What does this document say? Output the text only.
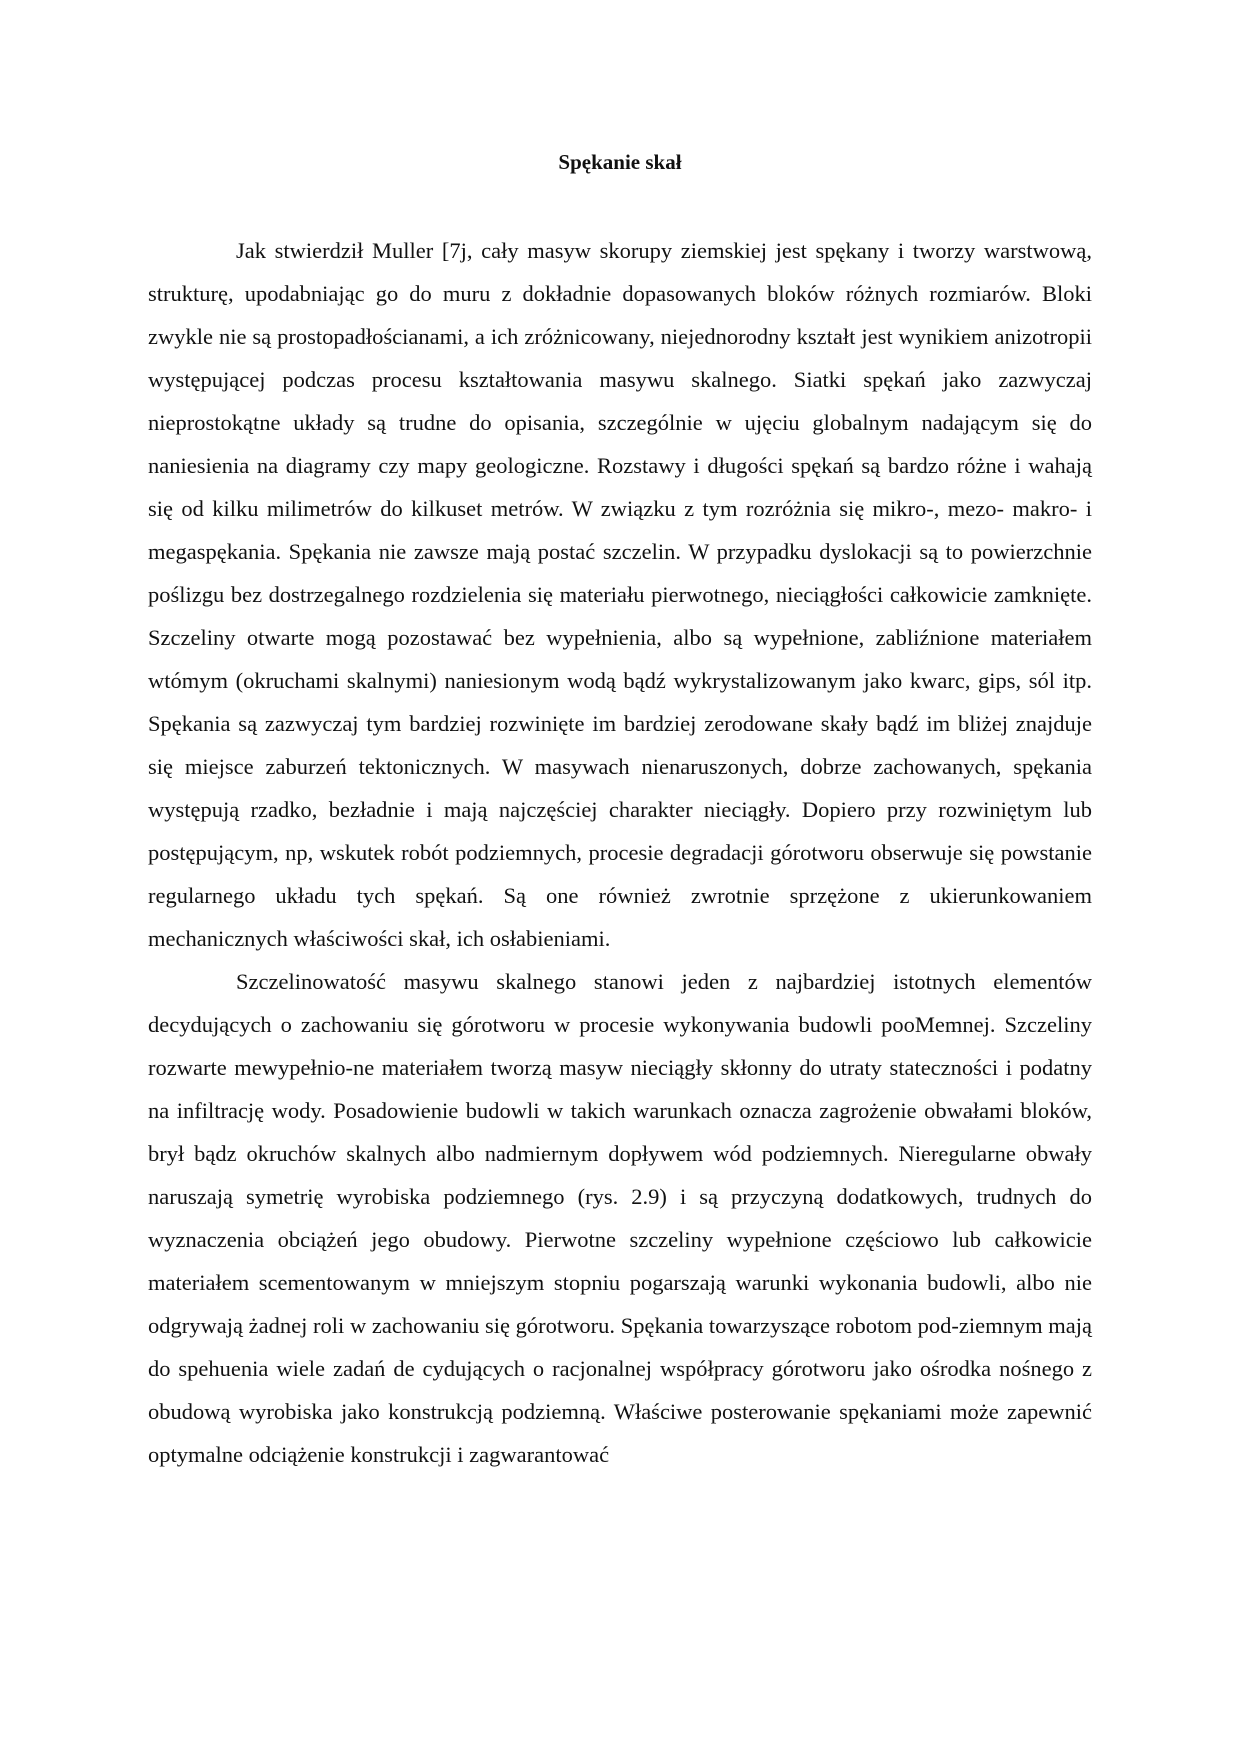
Spękanie skał

Jak stwierdził Muller [7j, cały masyw skorupy ziemskiej jest spękany i tworzy warstwową, strukturę, upodabniając go do muru z dokładnie dopasowanych bloków różnych rozmiarów. Bloki zwykle nie są prostopadłościanami, a ich zróżnicowany, niejednorodny kształt jest wynikiem anizotropii występującej podczas procesu kształtowania masywu skalnego. Siatki spękań jako zazwyczaj nieprostokątne układy są trudne do opisania, szczególnie w ujęciu globalnym nadającym się do naniesienia na diagramy czy mapy geologiczne. Rozstawy i długości spękań są bardzo różne i wahają się od kilku milimetrów do kilkuset metrów. W związku z tym rozróżnia się mikro-, mezo- makro- i megaspękania. Spękania nie zawsze mają postać szczelin. W przypadku dyslokacji są to powierzchnie poślizgu bez dostrzegalnego rozdzielenia się materiału pierwotnego, nieciągłości całkowicie zamknięte. Szczeliny otwarte mogą pozostawać bez wypełnienia, albo są wypełnione, zabliźnione materiałem wtómym (okruchami skalnymi) naniesionym wodą bądź wykrystalizowanym jako kwarc, gips, sól itp. Spękania są zazwyczaj tym bardziej rozwinięte im bardziej zerodowane skały bądź im bliżej znajduje się miejsce zaburzeń tektonicznych. W masywach nienaruszonych, dobrze zachowanych, spękania występują rzadko, bezładnie i mają najczęściej charakter nieciągły. Dopiero przy rozwiniętym lub postępującym, np, wskutek robót podziemnych, procesie degradacji górotworu obserwuje się powstanie regularnego układu tych spękań. Są one również zwrotnie sprzężone z ukierunkowaniem mechanicznych właściwości skał, ich osłabieniami.

Szczelinowatość masywu skalnego stanowi jeden z najbardziej istotnych elementów decydujących o zachowaniu się górotworu w procesie wykonywania budowli pooMemnej. Szczeliny rozwarte mewypełnio-ne materiałem tworzą masyw nieciągły skłonny do utraty stateczności i podatny na infiltrację wody. Posadowienie budowli w takich warunkach oznacza zagrożenie obwałami bloków, brył bądz okruchów skalnych albo nadmiernym dopływem wód podziemnych. Nieregularne obwały naruszają symetrię wyrobiska podziemnego (rys. 2.9) i są przyczyną dodatkowych, trudnych do wyznaczenia obciążeń jego obudowy. Pierwotne szczeliny wypełnione częściowo lub całkowicie materiałem scementowanym w mniejszym stopniu pogarszają warunki wykonania budowli, albo nie odgrywają żadnej roli w zachowaniu się górotworu. Spękania towarzyszące robotom pod-ziemnym mają do spehuenia wiele zadań de cydujących o racjonalnej współpracy górotworu jako ośrodka nośnego z obudową wyrobiska jako konstrukcją podziemną. Właściwe posterowanie spękaniami może zapewnić optymalne odciążenie konstrukcji i zagwarantować
